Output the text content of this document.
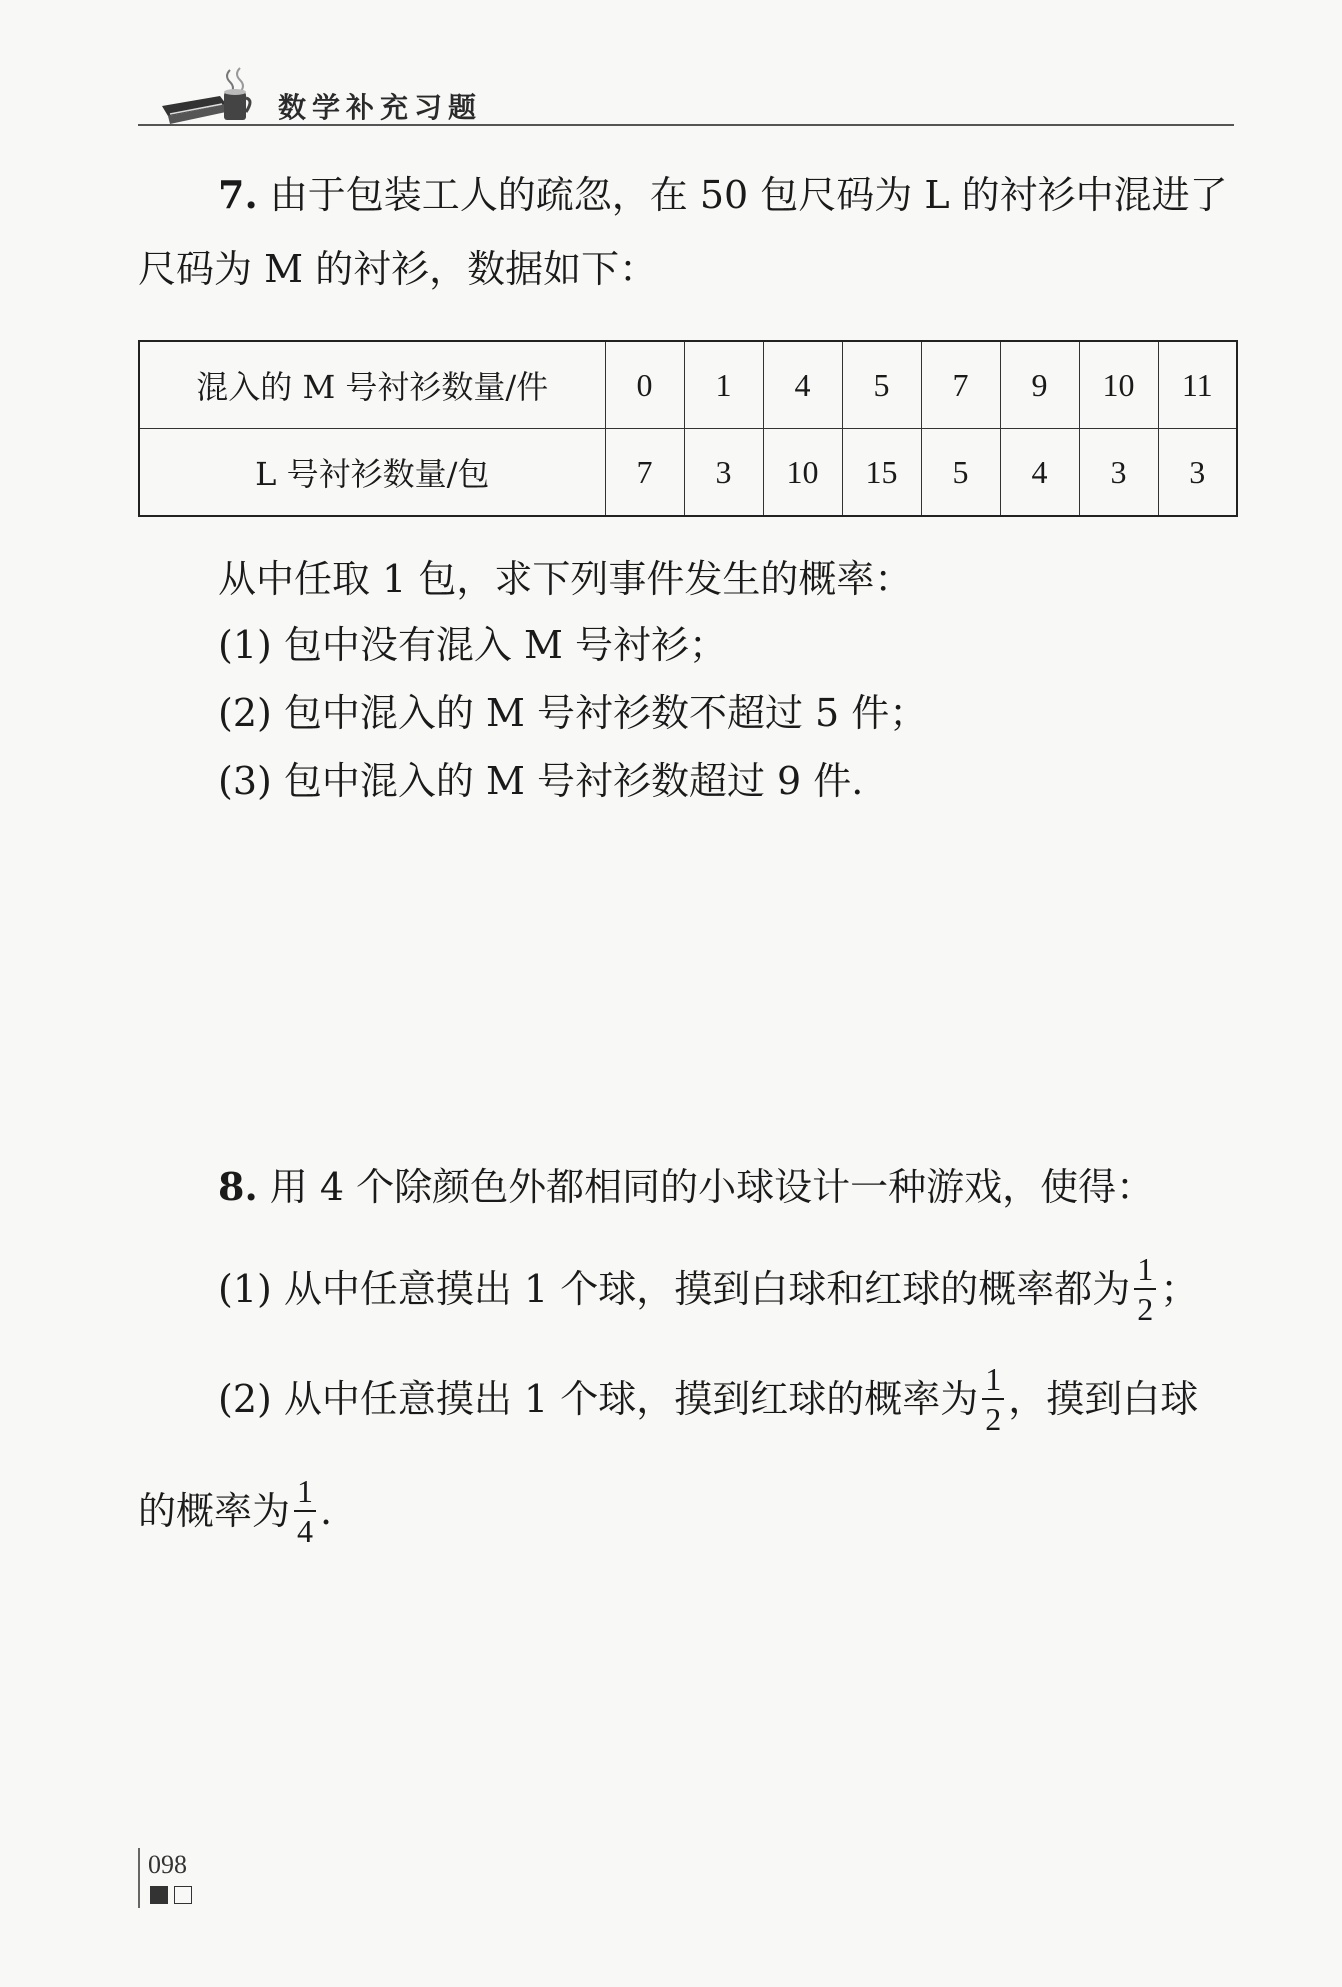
数学补充习题
7. 由于包装工人的疏忽，在 50 包尺码为 L 的衬衫中混进了
尺码为 M 的衬衫，数据如下：
混入的 M 号衬衫数量/件	0	1	4	5	7	9	10	11
L 号衬衫数量/包	7	3	10	15	5	4	3	3
从中任取 1 包，求下列事件发生的概率：
(1) 包中没有混入 M 号衬衫；
(2) 包中混入的 M 号衬衫数不超过 5 件；
(3) 包中混入的 M 号衬衫数超过 9 件.
8. 用 4 个除颜色外都相同的小球设计一种游戏，使得：
(1) 从中任意摸出 1 个球，摸到白球和红球的概率都为 $\frac{1}{2}$ ；
(2) 从中任意摸出 1 个球，摸到红球的概率为 $\frac{1}{2}$ ，摸到白球
的概率为 $\frac{1}{4}$ .
098
